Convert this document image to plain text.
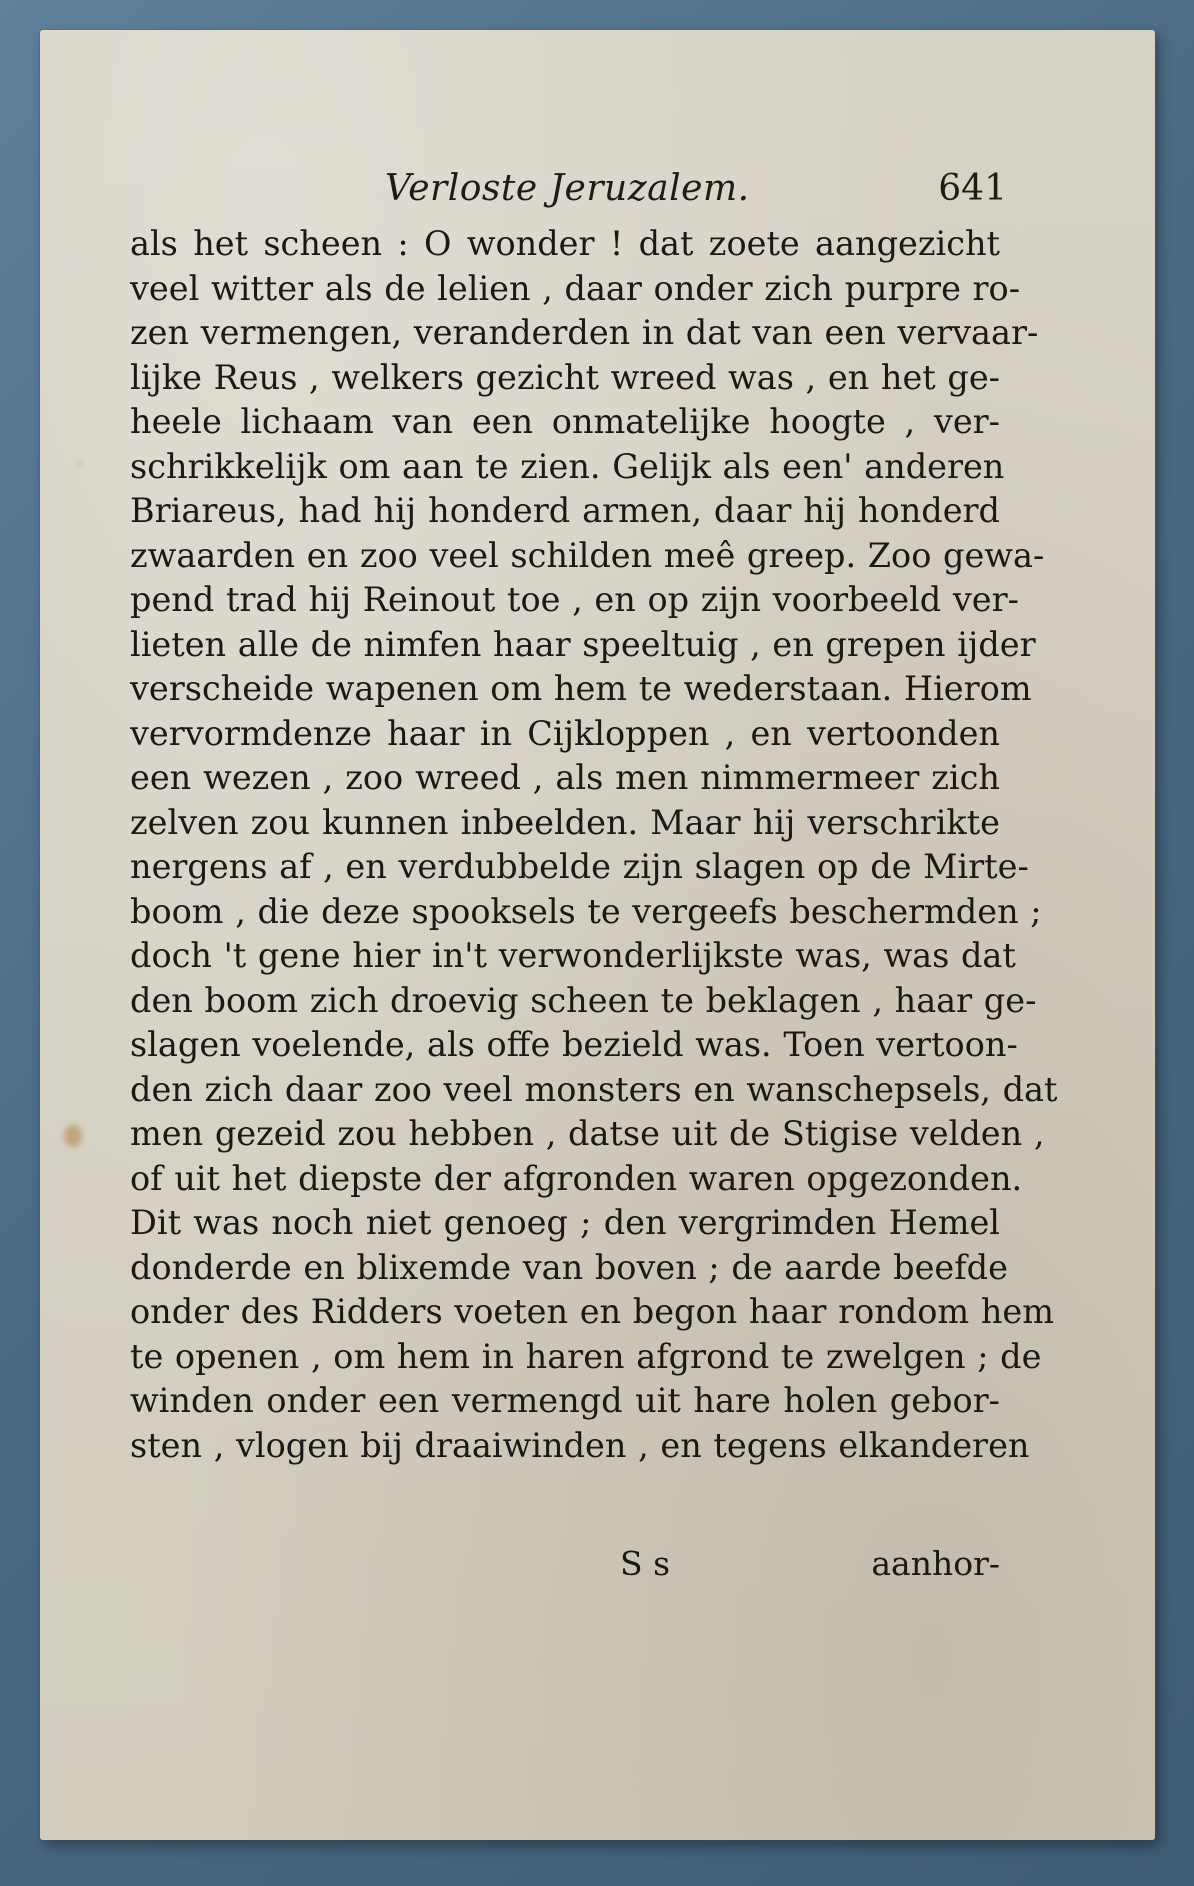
Verloste Jeruzalem.	641
als het scheen : O wonder ! dat zoete aangezicht
veel witter als de lelien , daar onder zich purpre ro-
zen vermengen, veranderden in dat van een vervaar-
lijke Reus , welkers gezicht wreed was , en het ge-
heele lichaam van een onmatelijke hoogte , ver-
schrikkelijk om aan te zien. Gelijk als een' anderen
Briareus, had hij honderd armen, daar hij honderd
zwaarden en zoo veel schilden meê greep. Zoo gewa-
pend trad hij Reinout toe , en op zijn voorbeeld ver-
lieten alle de nimfen haar speeltuig , en grepen ijder
verscheide wapenen om hem te wederstaan. Hierom
vervormdenze haar in Cijkloppen , en vertoonden
een wezen , zoo wreed , als men nimmermeer zich
zelven zou kunnen inbeelden. Maar hij verschrikte
nergens af , en verdubbelde zijn slagen op de Mirte-
boom , die deze spooksels te vergeefs beschermden ;
doch 't gene hier in't verwonderlijkste was, was dat
den boom zich droevig scheen te beklagen , haar ge-
slagen voelende, als offe bezield was. Toen vertoon-
den zich daar zoo veel monsters en wanschepsels, dat
men gezeid zou hebben , datse uit de Stigise velden ,
of uit het diepste der afgronden waren opgezonden.
Dit was noch niet genoeg ; den vergrimden Hemel
donderde en blixemde van boven ; de aarde beefde
onder des Ridders voeten en begon haar rondom hem
te openen , om hem in haren afgrond te zwelgen ; de
winden onder een vermengd uit hare holen gebor-
sten , vlogen bij draaiwinden , en tegens elkanderen
S s	aanhor-
